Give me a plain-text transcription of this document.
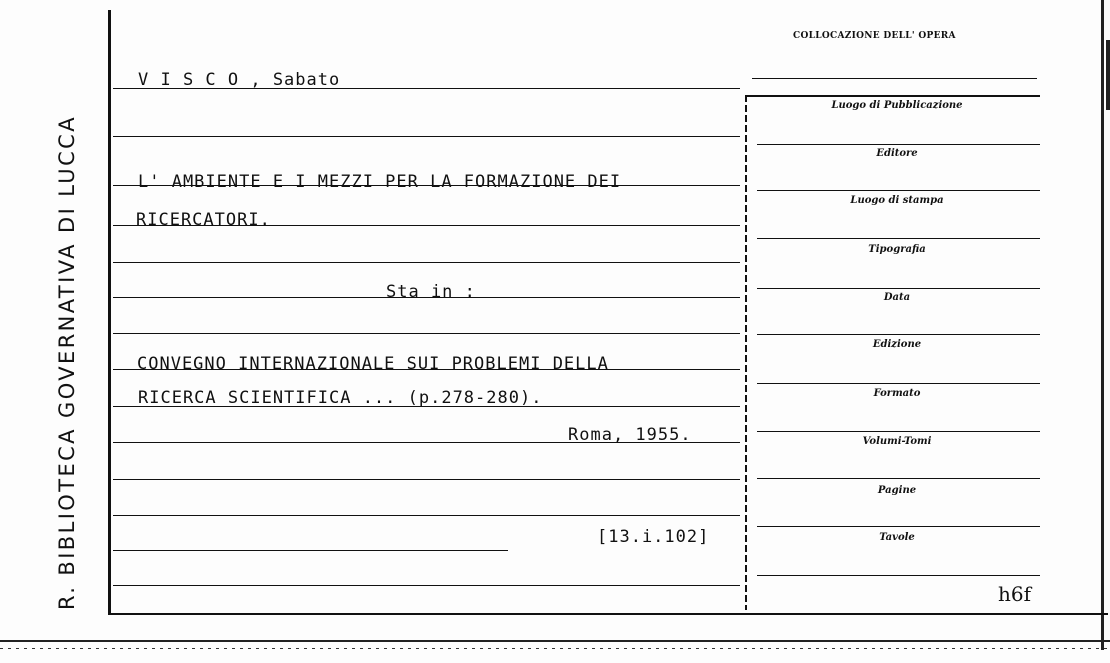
R. BIBLIOTECA GOVERNATIVA DI LUCCA
V I S C O , Sabato
L' AMBIENTE E I MEZZI PER LA FORMAZIONE DEI
RICERCATORI.
Sta in :
CONVEGNO INTERNAZIONALE SUI PROBLEMI DELLA
RICERCA SCIENTIFICA ... (p.278-280).
Roma, 1955.
[13.i.102]
COLLOCAZIONE DELL' OPERA
Luogo di Pubblicazione
Editore
Luogo di stampa
Tipografia
Data
Edizione
Formato
Volumi-Tomi
Pagine
Tavole
h6f
